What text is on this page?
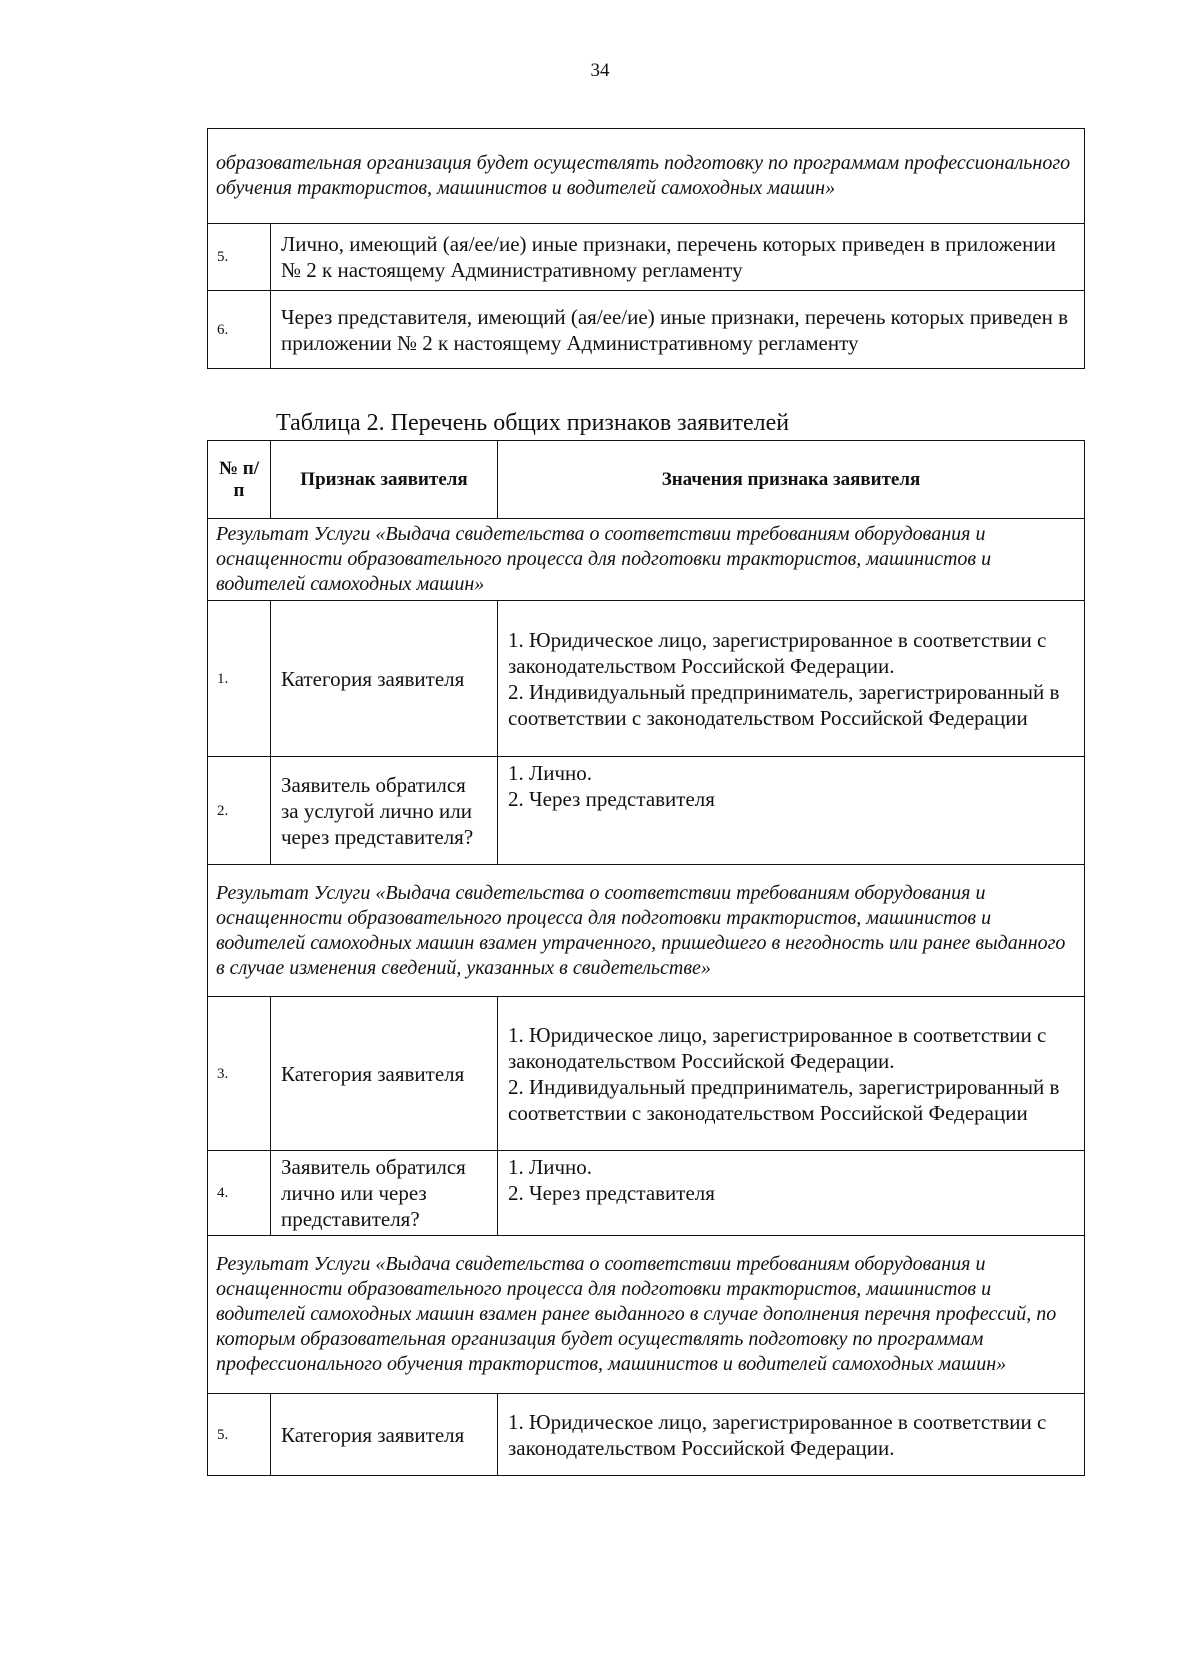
34
образовательная организация будет осуществлять подготовку по программам профессионального обучения трактористов, машинистов и водителей самоходных машин»	
5.	Лично, имеющий (ая/ее/ие) иные признаки, перечень которых приведен в приложении № 2 к настоящему Административному регламенту
6.	Через представителя, имеющий (ая/ее/ие) иные признаки, перечень которых приведен в приложении № 2 к настоящему Административному регламенту
Таблица 2. Перечень общих признаков заявителей
№ п/п	Признак заявителя	Значения признака заявителя
Результат Услуги «Выдача свидетельства о соответствии требованиям оборудования и оснащенности образовательного процесса для подготовки трактористов, машинистов и водителей самоходных машин»		
1.	Категория заявителя	1. Юридическое лицо, зарегистрированное в соответствии с законодательством Российской Федерации.
2. Индивидуальный предприниматель, зарегистрированный в соответствии с законодательством Российской Федерации

2.	Заявитель обратился за услугой лично или через представителя?	1. Лично.
2. Через представителя

Результат Услуги «Выдача свидетельства о соответствии требованиям оборудования и оснащенности образовательного процесса для подготовки трактористов, машинистов и водителей самоходных машин взамен утраченного, пришедшего в негодность или ранее выданного в случае изменения сведений, указанных в свидетельстве»		
3.	Категория заявителя	1. Юридическое лицо, зарегистрированное в соответствии с законодательством Российской Федерации.
2. Индивидуальный предприниматель, зарегистрированный в соответствии с законодательством Российской Федерации

4.	Заявитель обратился лично или через представителя?	1. Лично.
2. Через представителя

Результат Услуги «Выдача свидетельства о соответствии требованиям оборудования и оснащенности образовательного процесса для подготовки трактористов, машинистов и водителей самоходных машин взамен ранее выданного в случае дополнения перечня профессий, по которым образовательная организация будет осуществлять подготовку по программам профессионального обучения трактористов, машинистов и водителей самоходных машин»		
5.	Категория заявителя	1. Юридическое лицо, зарегистрированное в соответствии с законодательством Российской Федерации.
